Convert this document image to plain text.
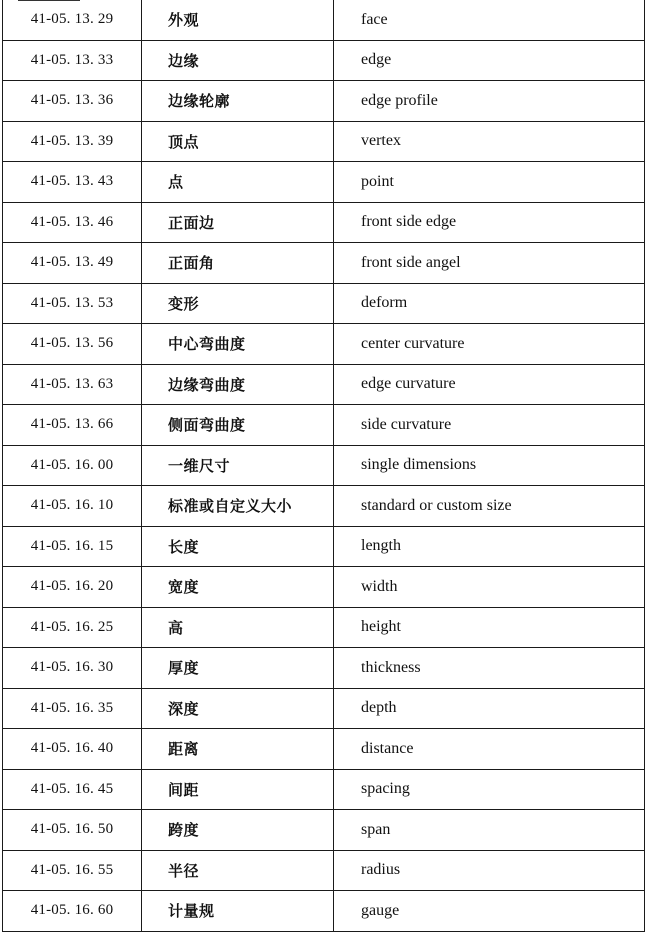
41-05. 13. 29	外观	face
41-05. 13. 33	边缘	edge
41-05. 13. 36	边缘轮廓	edge profile
41-05. 13. 39	顶点	vertex
41-05. 13. 43	点	point
41-05. 13. 46	正面边	front side edge
41-05. 13. 49	正面角	front side angel
41-05. 13. 53	变形	deform
41-05. 13. 56	中心弯曲度	center curvature
41-05. 13. 63	边缘弯曲度	edge curvature
41-05. 13. 66	侧面弯曲度	side curvature
41-05. 16. 00	一维尺寸	single dimensions
41-05. 16. 10	标准或自定义大小	standard or custom size
41-05. 16. 15	长度	length
41-05. 16. 20	宽度	width
41-05. 16. 25	高	height
41-05. 16. 30	厚度	thickness
41-05. 16. 35	深度	depth
41-05. 16. 40	距离	distance
41-05. 16. 45	间距	spacing
41-05. 16. 50	跨度	span
41-05. 16. 55	半径	radius
41-05. 16. 60	计量规	gauge
